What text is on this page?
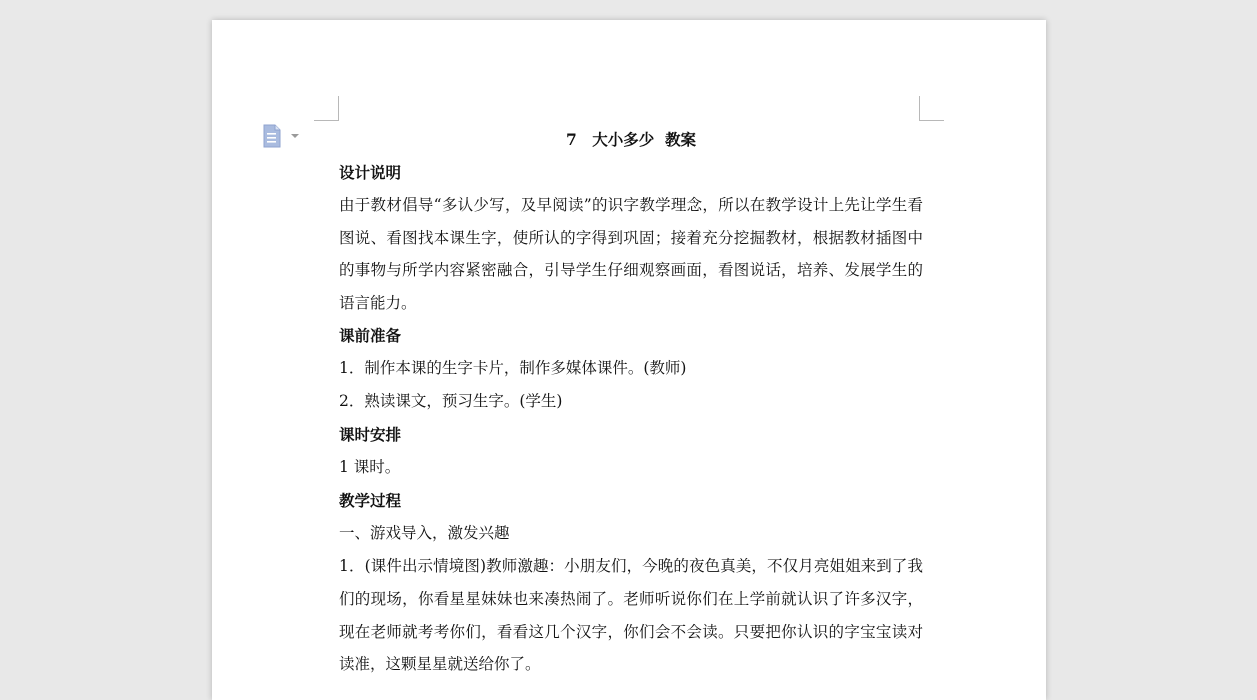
7　大小多少  教案
设计说明
由于教材倡导“多认少写，及早阅读”的识字教学理念，所以在教学设计上先让学生看图说、看图找本课生字，使所认的字得到巩固；接着充分挖掘教材，根据教材插图中的事物与所学内容紧密融合，引导学生仔细观察画面，看图说话，培养、发展学生的语言能力。
课前准备
1．制作本课的生字卡片，制作多媒体课件。(教师)
2．熟读课文，预习生字。(学生)
课时安排
1 课时。
教学过程
一、游戏导入，激发兴趣
1．(课件出示情境图)教师激趣：小朋友们，今晚的夜色真美，不仅月亮姐姐来到了我们的现场，你看星星妹妹也来凑热闹了。老师听说你们在上学前就认识了许多汉字，现在老师就考考你们，看看这几个汉字，你们会不会读。只要把你认识的字宝宝读对读准，这颗星星就送给你了。
